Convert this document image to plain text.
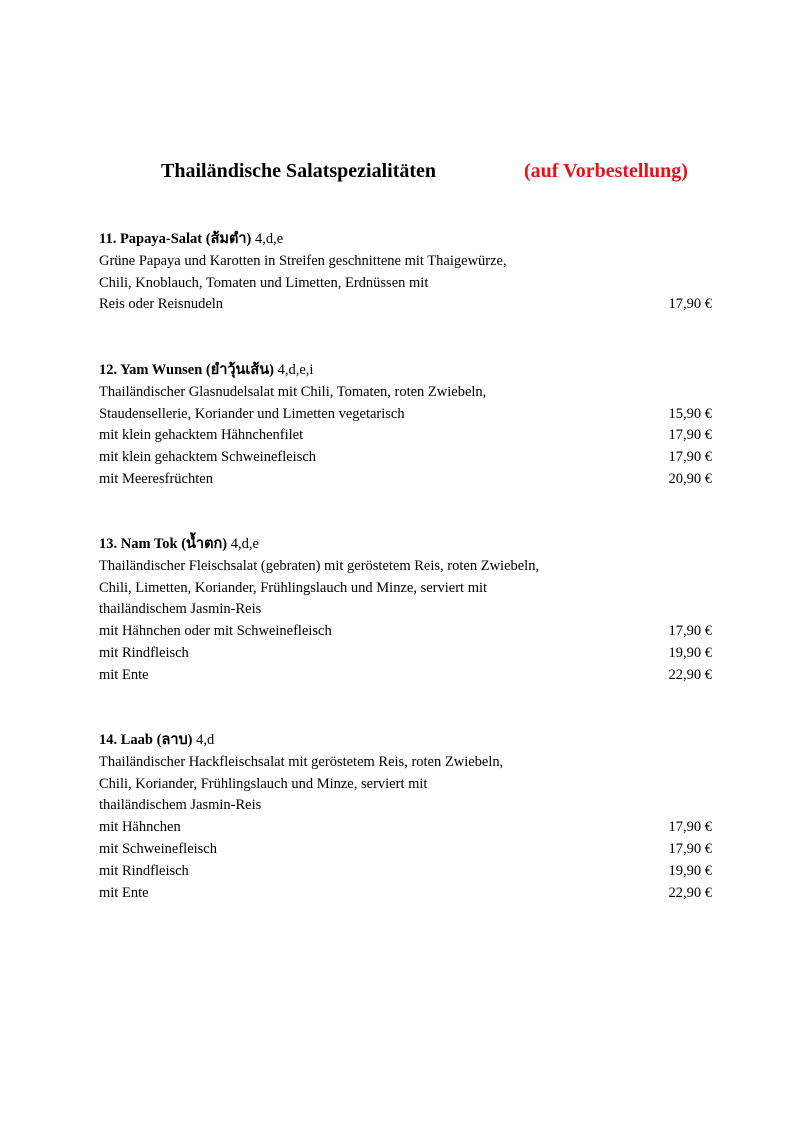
Thailändische Salatspezialitäten	(auf Vorbestellung)
11. Papaya-Salat (ส้มตำ) 4,d,e
Grüne Papaya und Karotten in Streifen geschnittene mit Thaigewürze,
Chili, Knoblauch, Tomaten und Limetten, Erdnüssen mit
Reis oder Reisnudeln	17,90 €
12. Yam Wunsen (ยำวุ้นเส้น) 4,d,e,i
Thailändischer Glasnudelsalat mit Chili, Tomaten, roten Zwiebeln,
Staudensellerie, Koriander und Limetten vegetarisch	15,90 €
mit klein gehacktem Hähnchenfilet	17,90 €
mit klein gehacktem Schweinefleisch	17,90 €
mit Meeresfrüchten	20,90 €
13. Nam Tok (น้ำตก) 4,d,e
Thailändischer Fleischsalat (gebraten) mit geröstetem Reis, roten Zwiebeln,
Chili, Limetten, Koriander, Frühlingslauch und Minze, serviert mit
thailändischem Jasmin-Reis
mit Hähnchen oder mit Schweinefleisch	17,90 €
mit Rindfleisch	19,90 €
mit Ente	22,90 €
14. Laab (ลาบ) 4,d
Thailändischer Hackfleischsalat mit geröstetem Reis, roten Zwiebeln,
Chili, Koriander, Frühlingslauch und Minze, serviert mit
thailändischem Jasmin-Reis
mit Hähnchen	17,90 €
mit Schweinefleisch	17,90 €
mit Rindfleisch	19,90 €
mit Ente	22,90 €
